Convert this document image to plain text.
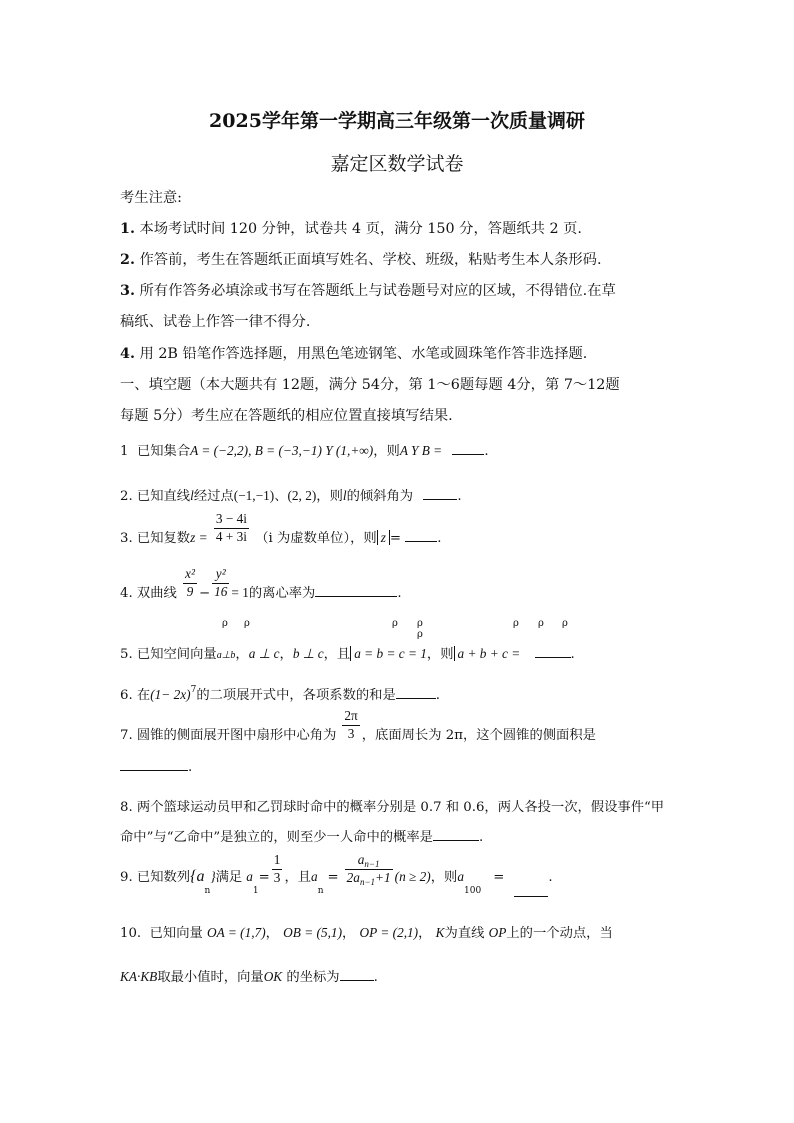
2025学年第一学期高三年级第一次质量调研
嘉定区数学试卷
考生注意:
1. 本场考试时间 120 分钟，试卷共 4 页，满分 150 分，答题纸共 2 页.
2. 作答前，考生在答题纸正面填写姓名、学校、班级，粘贴考生本人条形码.
3. 所有作答务必填涂或书写在答题纸上与试卷题号对应的区域，不得错位.在草
稿纸、试卷上作答一律不得分.
4. 用 2B 铅笔作答选择题，用黑色笔迹钢笔、水笔或圆珠笔作答非选择题.
一、填空题（本大题共有 12题，满分 54分，第 1～6题每题 4分，第 7～12题
每题 5分）考生应在答题纸的相应位置直接填写结果.
1 已知集合A = (−2,2), B = (−3,−1) Y (1,+∞)，则A Y B =	.
2. 已知直线l经过点(−1,−1)、(2, 2)，则l的倾斜角为	.
3. 已知复数$z = \frac{3 - 4i}{4 + 3i} (i$ 为虚数单位），则 z =	.
4. 双曲线 $\frac{\text{x²}}{9} - \frac{\text{y²}}{16} = 1$的离心率为	.
ρ ρ	ρ ρ
ρ
ρ ρ ρ
5. 已知空间向量a⊥b，a ⊥ c，b ⊥ c，且 a = b = c = 1，则 a + b + c =	.
6. 在$(1- 2x)^7$的二项展开式中，各项系数的和是	.
7. 圆锥的侧面展开图中扇形中心角为 $\frac{2\pi}{3}$ ，底面周长为 2π，这个圆锥的侧面积是
.
8. 两个篮球运动员甲和乙罚球时命中的概率分别是 0.7 和 0.6，两人各投一次，假设事件“甲
命中”与“乙命中”是独立的，则至少一人命中的概率是	.
9. 已知数列$\{a_n\}$满足 $a_1= \frac{1}{3}$ ，且$a_n= \frac{a_{n-1}}{2a_{n-1}+1} (n \ge 2)$，则$a_{100}=$	.
10. 已知向量 OA = (1,7)， OB = (5,1)， OP = (2,1)， K为直线 OP上的一个动点，当
KA·KB取最小值时，向量OK 的坐标为	.
